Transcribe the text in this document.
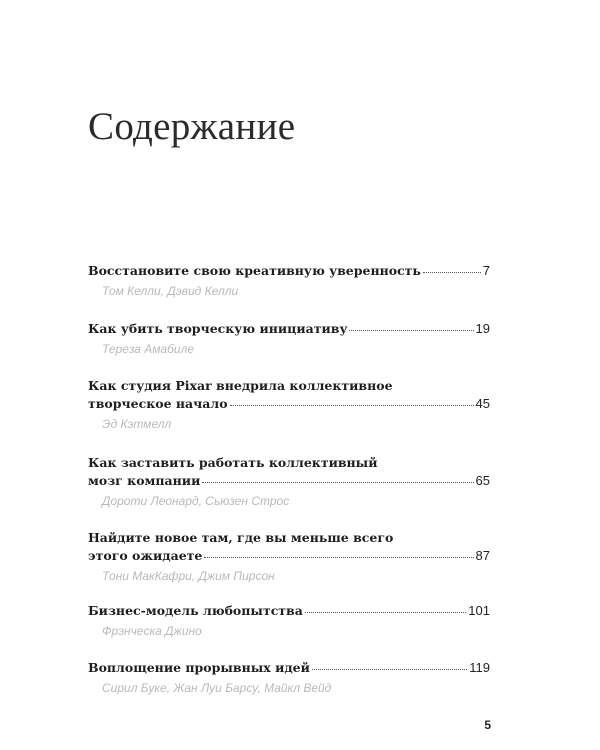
Содержание
Восстановите свою креативную уверенность	7
Том Келли, Дэвид Келли
Как убить творческую инициативу	19
Тереза Амабиле
Как студия Pixar внедрила коллективное
творческое начало	45
Эд Кэтмелл
Как заставить работать коллективный
мозг компании	65
Дороти Леонард, Сьюзен Строс
Найдите новое там, где вы меньше всего
этого ожидаете	87
Тони МакКафри, Джим Пирсон
Бизнес-модель любопытства	101
Фрэнчеcка Джино
Воплощение прорывных идей	119
Сирил Буке, Жан Луи Барсу, Майкл Вейд
5
